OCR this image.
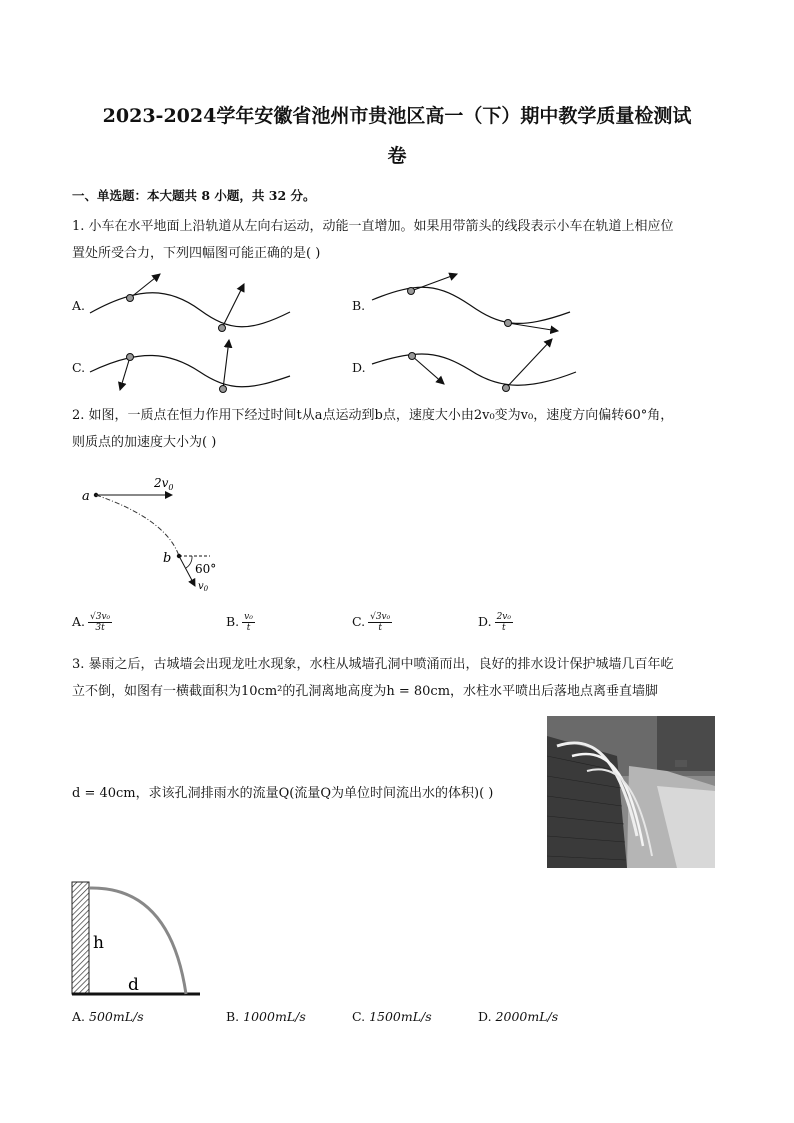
2023-2024学年安徽省池州市贵池区高一（下）期中教学质量检测试
卷
一、单选题：本大题共 8 小题，共 32 分。
1. 小车在水平地面上沿轨道从左向右运动，动能一直增加。如果用带箭头的线段表示小车在轨道上相应位
置处所受合力，下列四幅图可能正确的是( )
A.	B.
C.	D.
2. 如图，一质点在恒力作用下经过时间t从a点运动到b点，速度大小由2v₀变为v₀，速度方向偏转60°角，
则质点的加速度大小为( )
a
$2v_0$
b
60°
$v_0$
A. $\frac{\text{√3v₀}}{3t}$	B. $\frac{\text{v₀}}{t}$	C. $\frac{\text{√3v₀}}{t}$	D. $\frac{\text{2v₀}}{t}$
3. 暴雨之后，古城墙会出现龙吐水现象，水柱从城墙孔洞中喷涌而出，良好的排水设计保护城墙几百年屹
立不倒，如图有一横截面积为10cm²的孔洞离地高度为h = 80cm，水柱水平喷出后落地点离垂直墙脚
d = 40cm，求该孔洞排雨水的流量Q(流量Q为单位时间流出水的体积)( )
h
d
A. 500mL/s	B. 1000mL/s	C. 1500mL/s	D. 2000mL/s
